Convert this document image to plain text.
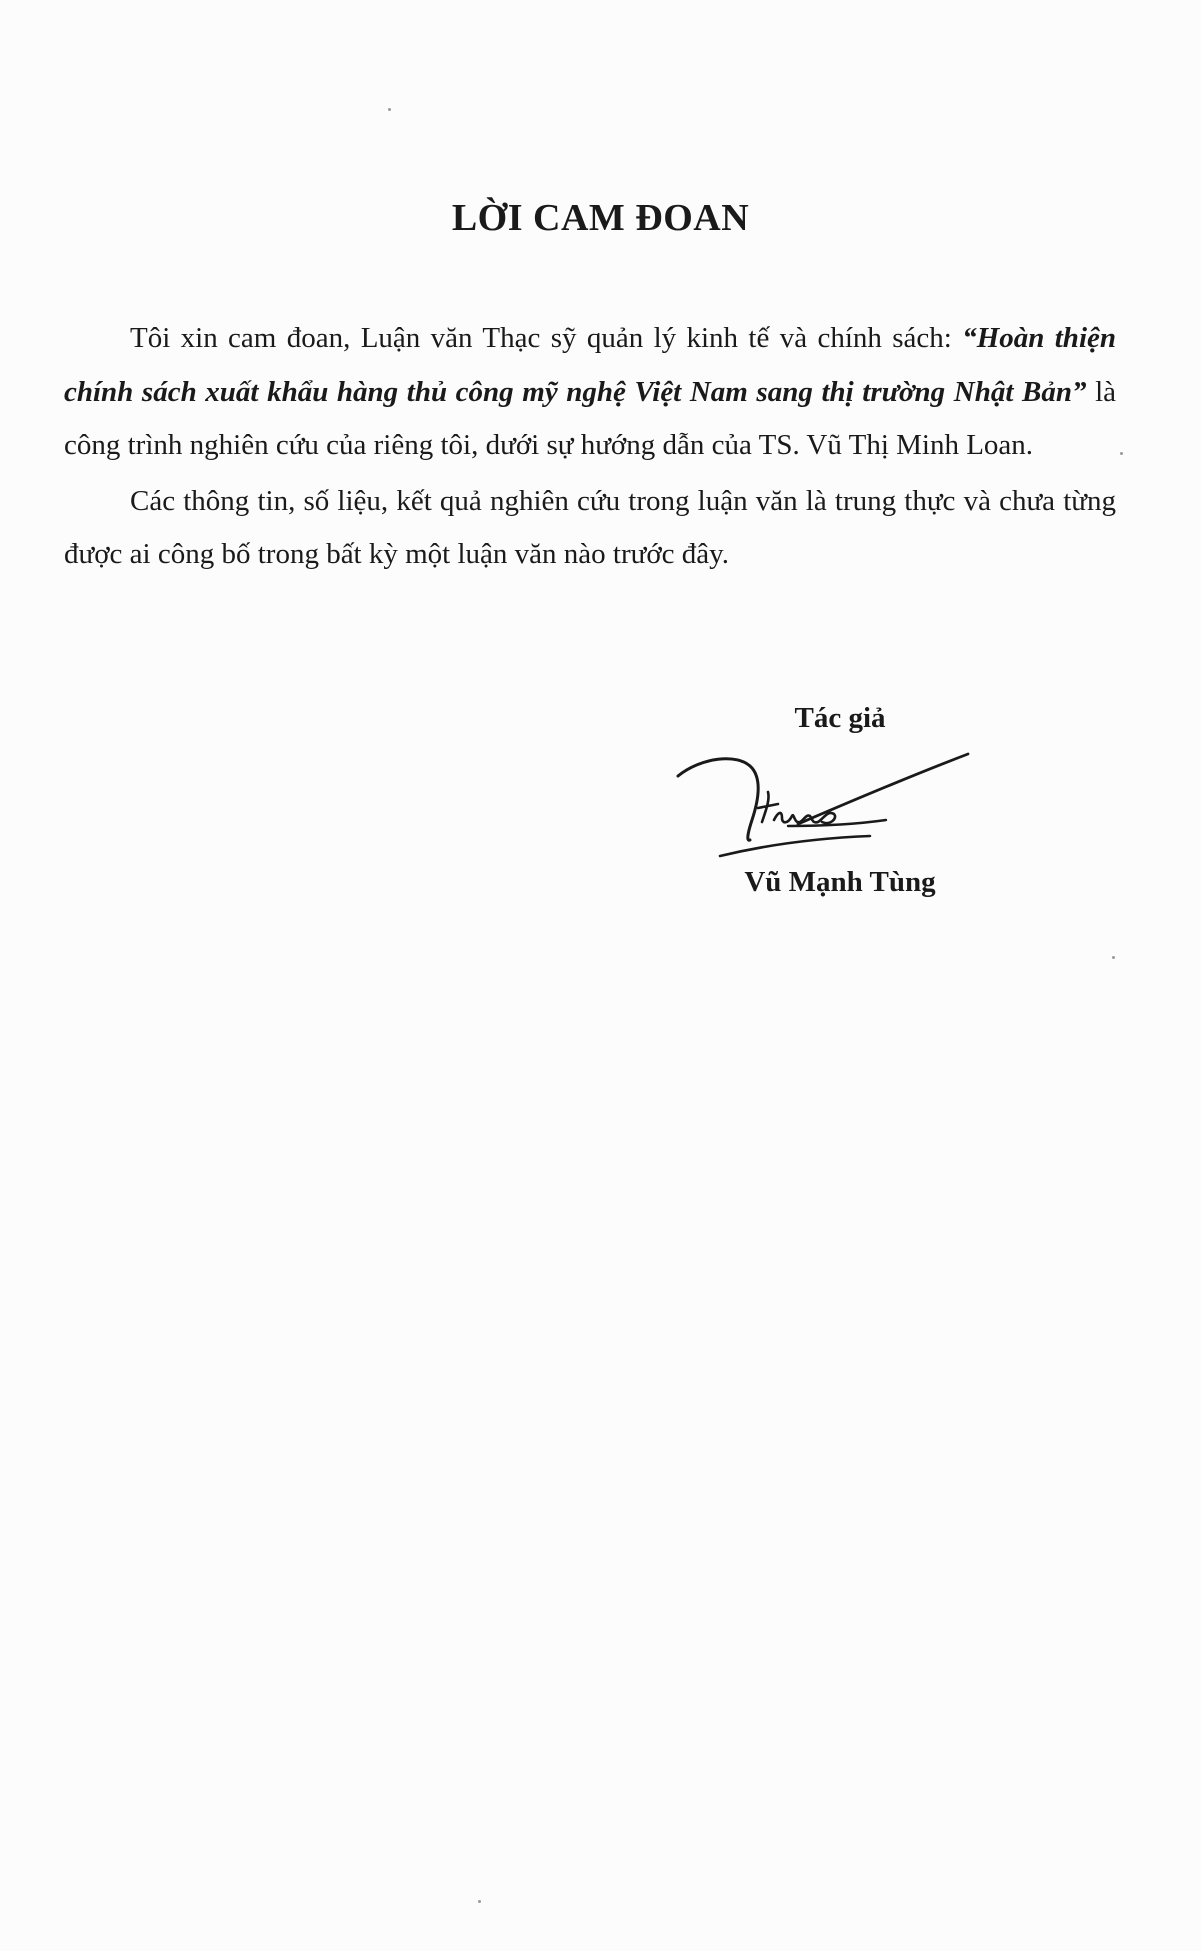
LỜI CAM ĐOAN

Tôi xin cam đoan, Luận văn Thạc sỹ quản lý kinh tế và chính sách: “Hoàn thiện chính sách xuất khẩu hàng thủ công mỹ nghệ Việt Nam sang thị trường Nhật Bản” là công trình nghiên cứu của riêng tôi, dưới sự hướng dẫn của TS. Vũ Thị Minh Loan.

Các thông tin, số liệu, kết quả nghiên cứu trong luận văn là trung thực và chưa từng được ai công bố trong bất kỳ một luận văn nào trước đây.

Tác giả
Vũ Mạnh Tùng
